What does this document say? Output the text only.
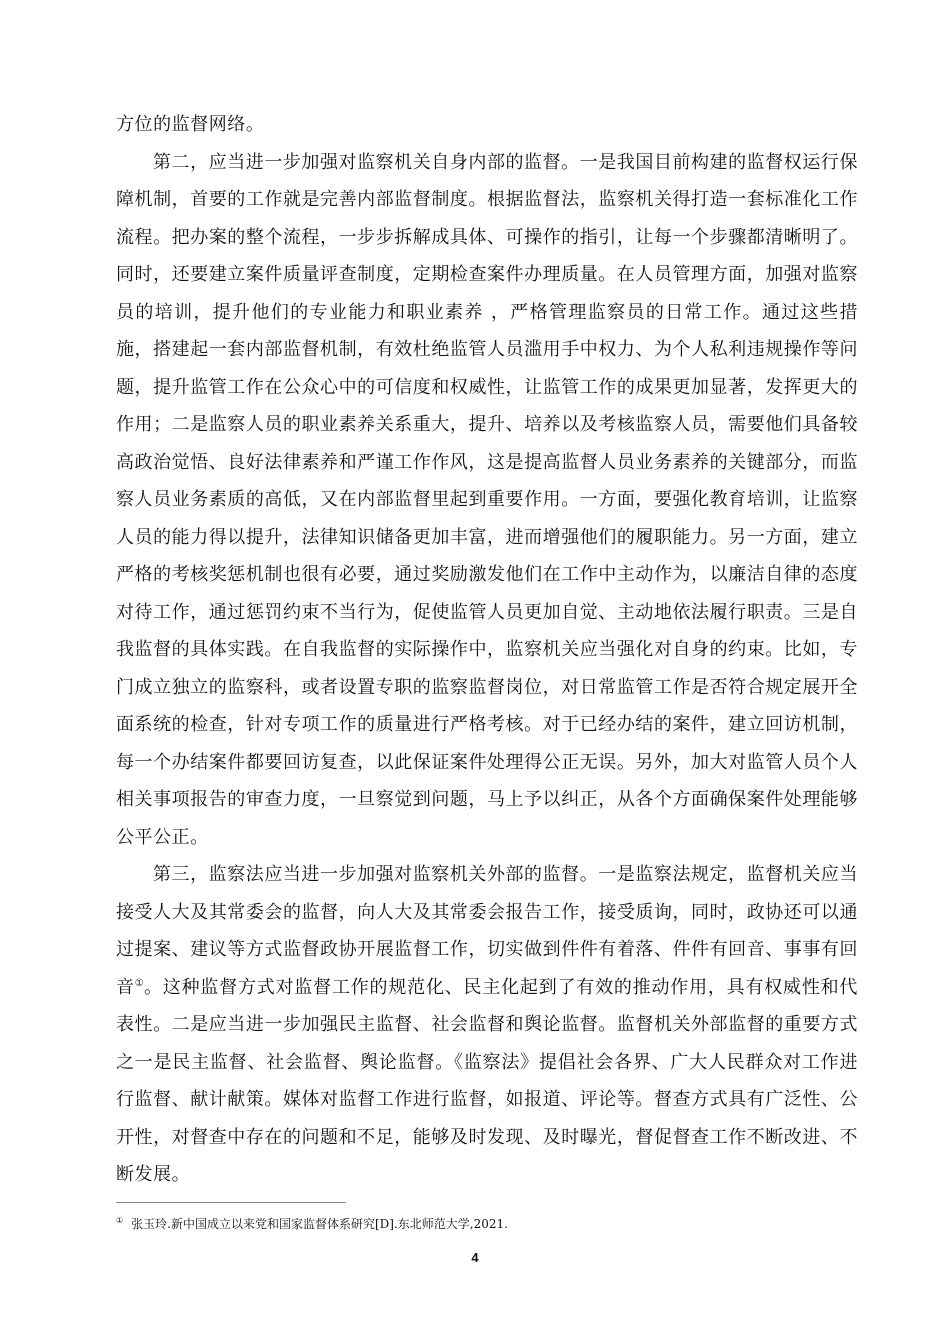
方位的监督网络。

第二，应当进一步加强对监察机关自身内部的监督。一是我国目前构建的监督权运行保障机制，首要的工作就是完善内部监督制度。根据监督法，监察机关得打造一套标准化工作流程。把办案的整个流程，一步步拆解成具体、可操作的指引，让每一个步骤都清晰明了。同时，还要建立案件质量评查制度，定期检查案件办理质量。在人员管理方面，加强对监察员的培训，提升他们的专业能力和职业素养 ，严格管理监察员的日常工作。通过这些措施，搭建起一套内部监督机制，有效杜绝监管人员滥用手中权力、为个人私利违规操作等问题，提升监管工作在公众心中的可信度和权威性，让监管工作的成果更加显著，发挥更大的作用；二是监察人员的职业素养关系重大，提升、培养以及考核监察人员，需要他们具备较高政治觉悟、良好法律素养和严谨工作作风，这是提高监督人员业务素养的关键部分，而监察人员业务素质的高低，又在内部监督里起到重要作用。一方面，要强化教育培训，让监察人员的能力得以提升，法律知识储备更加丰富，进而增强他们的履职能力。另一方面，建立严格的考核奖惩机制也很有必要，通过奖励激发他们在工作中主动作为，以廉洁自律的态度对待工作，通过惩罚约束不当行为，促使监管人员更加自觉、主动地依法履行职责。三是自我监督的具体实践。在自我监督的实际操作中，监察机关应当强化对自身的约束。比如，专门成立独立的监察科，或者设置专职的监察监督岗位，对日常监管工作是否符合规定展开全面系统的检查，针对专项工作的质量进行严格考核。对于已经办结的案件，建立回访机制，每一个办结案件都要回访复查，以此保证案件处理得公正无误。另外，加大对监管人员个人相关事项报告的审查力度，一旦察觉到问题，马上予以纠正，从各个方面确保案件处理能够公平公正。

第三，监察法应当进一步加强对监察机关外部的监督。一是监察法规定，监督机关应当接受人大及其常委会的监督，向人大及其常委会报告工作，接受质询，同时，政协还可以通过提案、建议等方式监督政协开展监督工作，切实做到件件有着落、件件有回音、事事有回音①。这种监督方式对监督工作的规范化、民主化起到了有效的推动作用，具有权威性和代表性。二是应当进一步加强民主监督、社会监督和舆论监督。监督机关外部监督的重要方式之一是民主监督、社会监督、舆论监督。《监察法》提倡社会各界、广大人民群众对工作进行监督、献计献策。媒体对监督工作进行监督，如报道、评论等。督查方式具有广泛性、公开性，对督查中存在的问题和不足，能够及时发现、及时曝光，督促督查工作不断改进、不断发展。

① 张玉玲.新中国成立以来党和国家监督体系研究[D].东北师范大学,2021.
4
